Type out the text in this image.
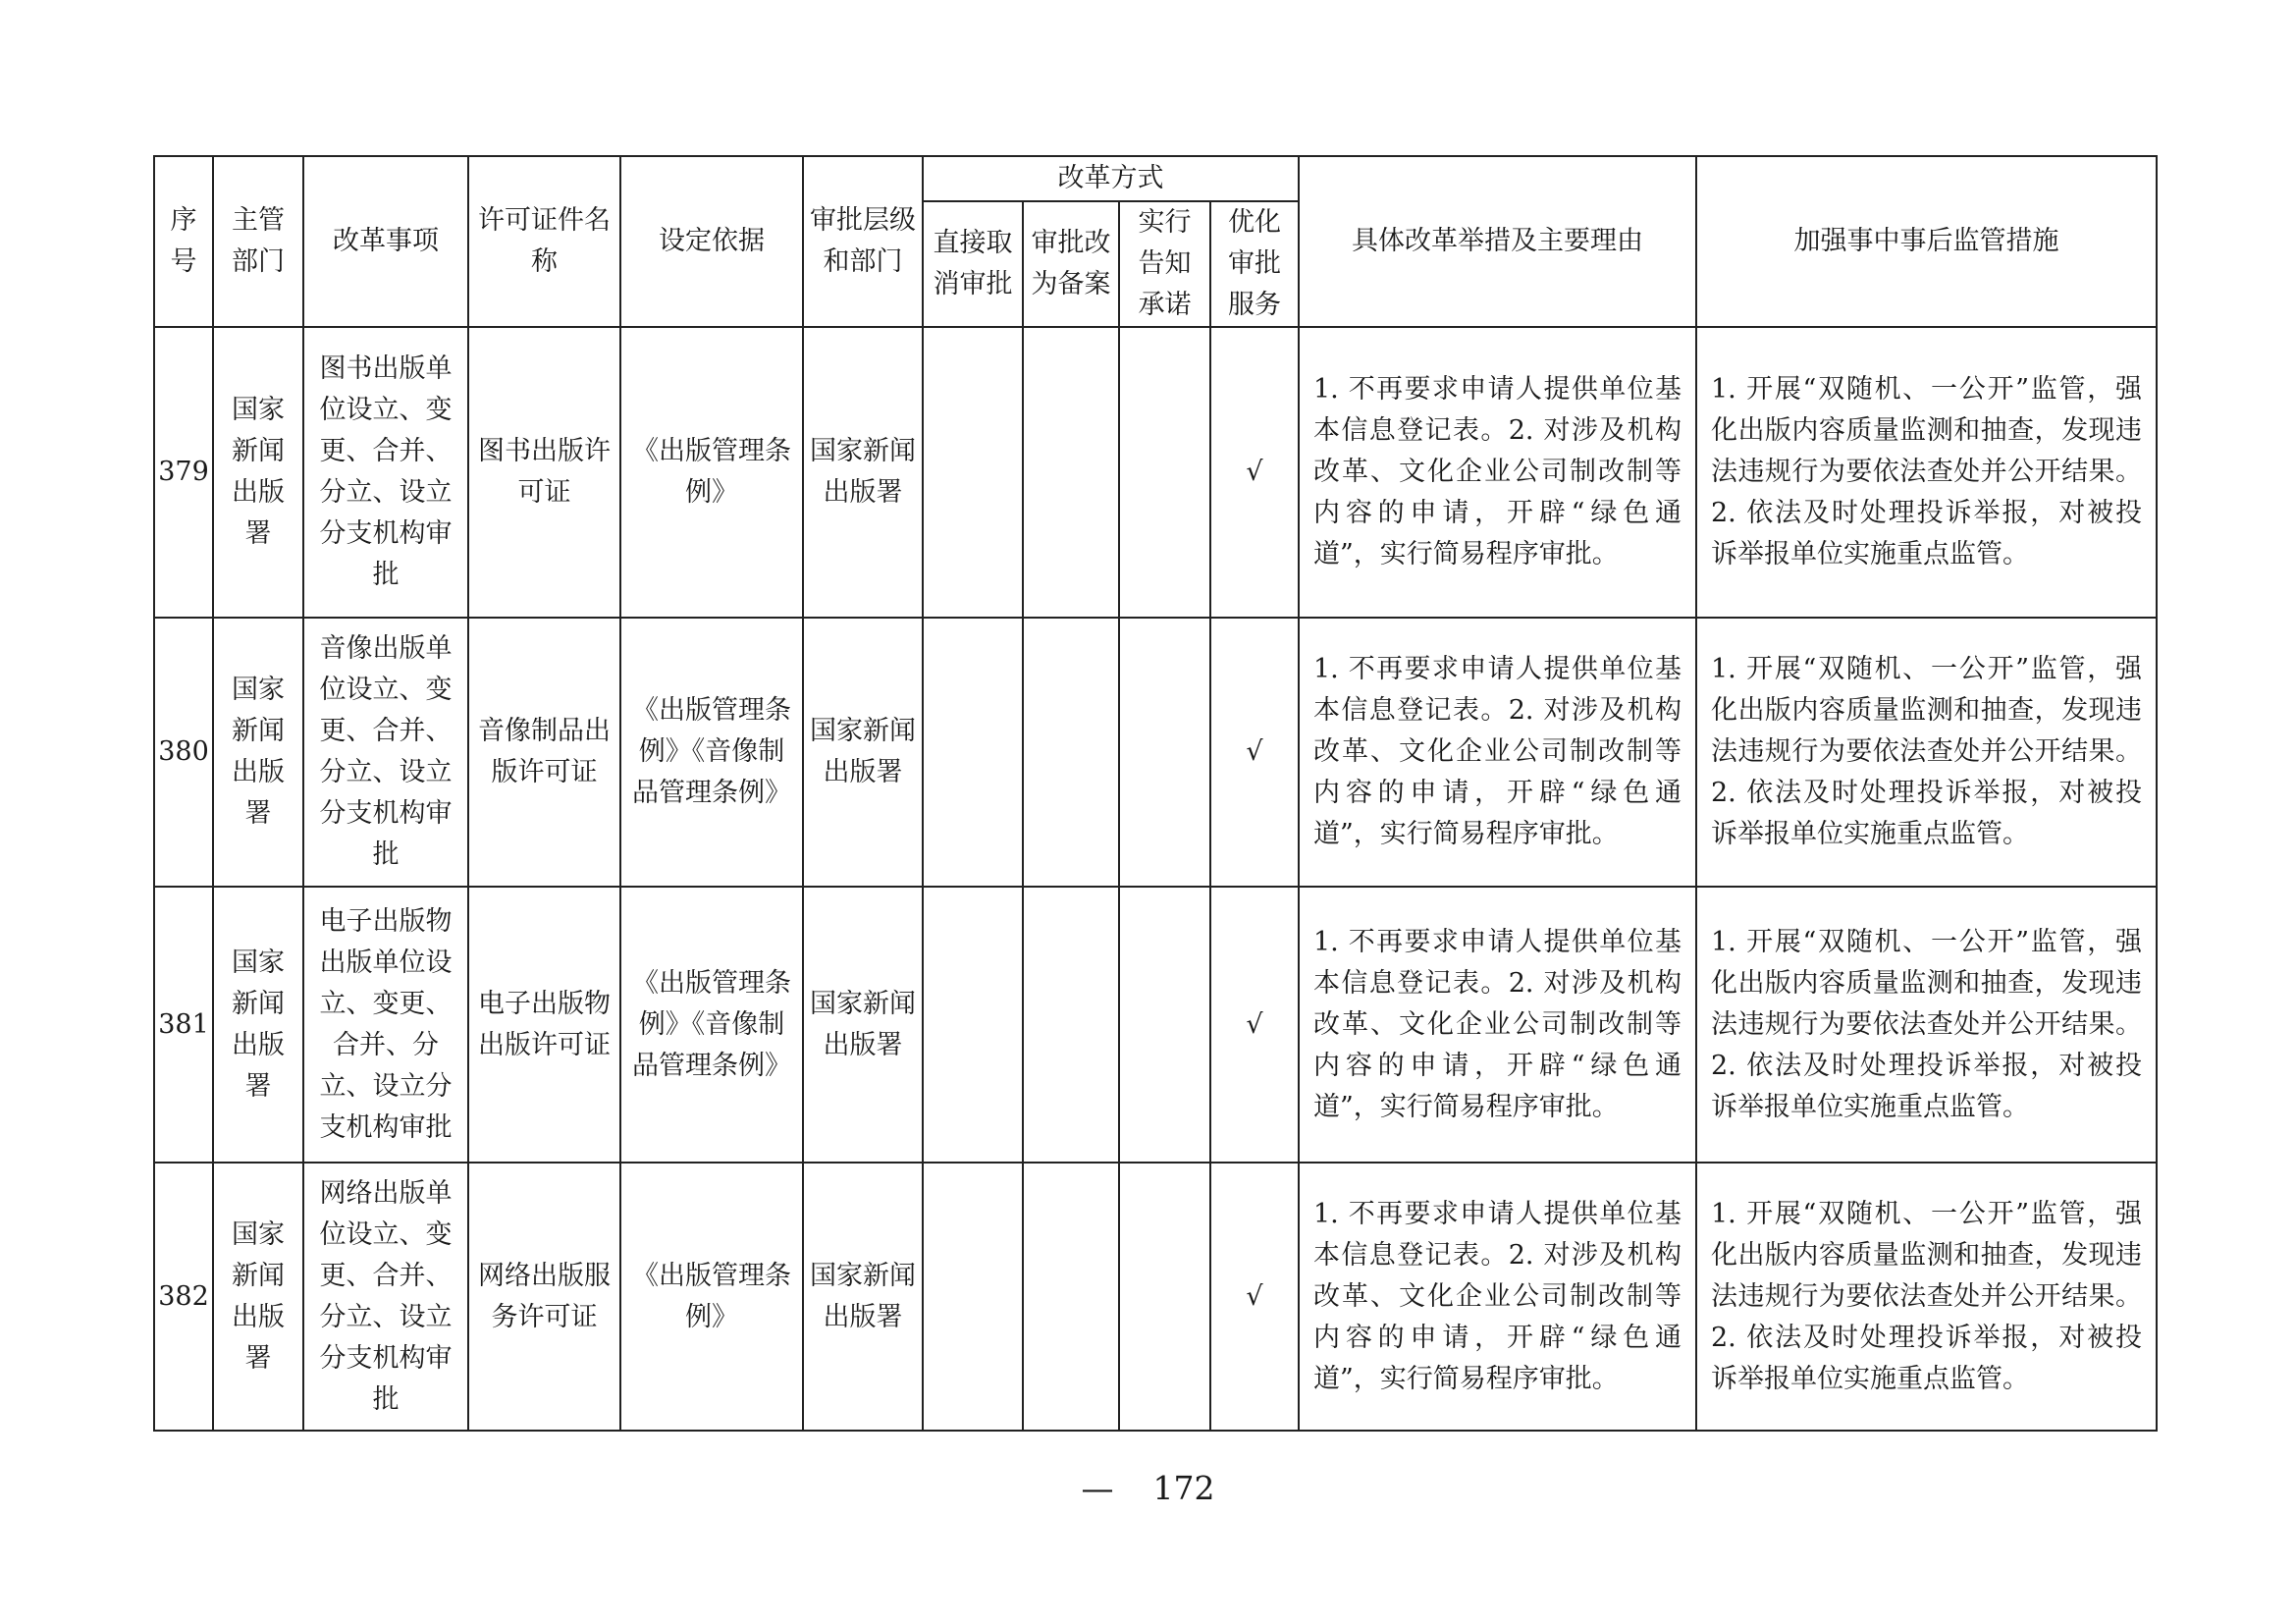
序号	主管部门	改革事项	许可证件名称	设定依据	审批层级和部门	改革方式				具体改革举措及主要理由	加强事中事后监管措施
						直接取消审批	审批改为备案	实行告知承诺	优化审批服务		
379	国家新闻出版署	图书出版单位设立、变更、合并、分立、设立分支机构审批	图书出版许可证	《出版管理条例》	国家新闻出版署				√	1. 不再要求申请人提供单位基本信息登记表。2. 对涉及机构改革、文化企业公司制改制等内容的申请，开辟“绿色通道”，实行简易程序审批。	1. 开展“双随机、一公开”监管，强化出版内容质量监测和抽查，发现违法违规行为要依法查处并公开结果。2. 依法及时处理投诉举报，对被投诉举报单位实施重点监管。
380	国家新闻出版署	音像出版单位设立、变更、合并、分立、设立分支机构审批	音像制品出版许可证	《出版管理条例》《音像制品管理条例》	国家新闻出版署				√	1. 不再要求申请人提供单位基本信息登记表。2. 对涉及机构改革、文化企业公司制改制等内容的申请，开辟“绿色通道”，实行简易程序审批。	1. 开展“双随机、一公开”监管，强化出版内容质量监测和抽查，发现违法违规行为要依法查处并公开结果。2. 依法及时处理投诉举报，对被投诉举报单位实施重点监管。
381	国家新闻出版署	电子出版物出版单位设立、变更、合并、分立、设立分支机构审批	电子出版物出版许可证	《出版管理条例》《音像制品管理条例》	国家新闻出版署				√	1. 不再要求申请人提供单位基本信息登记表。2. 对涉及机构改革、文化企业公司制改制等内容的申请，开辟“绿色通道”，实行简易程序审批。	1. 开展“双随机、一公开”监管，强化出版内容质量监测和抽查，发现违法违规行为要依法查处并公开结果。2. 依法及时处理投诉举报，对被投诉举报单位实施重点监管。
382	国家新闻出版署	网络出版单位设立、变更、合并、分立、设立分支机构审批	网络出版服务许可证	《出版管理条例》	国家新闻出版署				√	1. 不再要求申请人提供单位基本信息登记表。2. 对涉及机构改革、文化企业公司制改制等内容的申请，开辟“绿色通道”，实行简易程序审批。	1. 开展“双随机、一公开”监管，强化出版内容质量监测和抽查，发现违法违规行为要依法查处并公开结果。2. 依法及时处理投诉举报，对被投诉举报单位实施重点监管。
— 172
